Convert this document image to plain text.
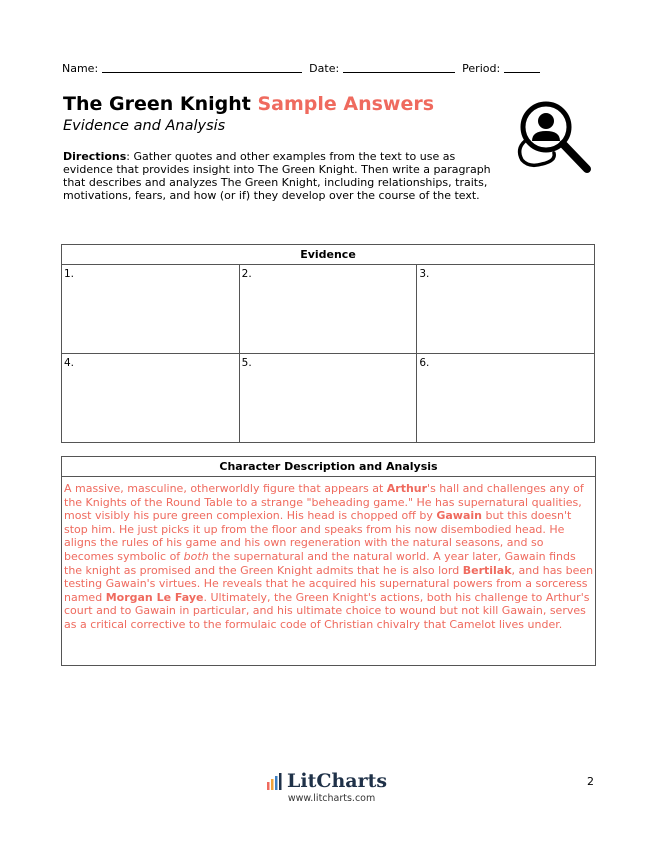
Name:	Date:	Period:
The Green Knight Sample Answers
Evidence and Analysis
Directions: Gather quotes and other examples from the text to use as evidence that provides insight into The Green Knight. Then write a paragraph that describes and analyzes The Green Knight, including relationships, traits, motivations, fears, and how (or if) they develop over the course of the text.
Evidence		
1.	2.	3.
4.	5.	6.
Character Description and Analysis
A massive, masculine, otherworldly figure that appears at Arthur's hall and challenges any of the Knights of the Round Table to a strange "beheading game." He has supernatural qualities, most visibly his pure green complexion. His head is chopped off by Gawain but this doesn't stop him. He just picks it up from the floor and speaks from his now disembodied head. He aligns the rules of his game and his own regeneration with the natural seasons, and so becomes symbolic of both the supernatural and the natural world. A year later, Gawain finds the knight as promised and the Green Knight admits that he is also lord Bertilak, and has been testing Gawain's virtues. He reveals that he acquired his supernatural powers from a sorceress named Morgan Le Faye. Ultimately, the Green Knight's actions, both his challenge to Arthur's court and to Gawain in particular, and his ultimate choice to wound but not kill Gawain, serves as a critical corrective to the formulaic code of Christian chivalry that Camelot lives under.
LitCharts
www.litcharts.com
2
